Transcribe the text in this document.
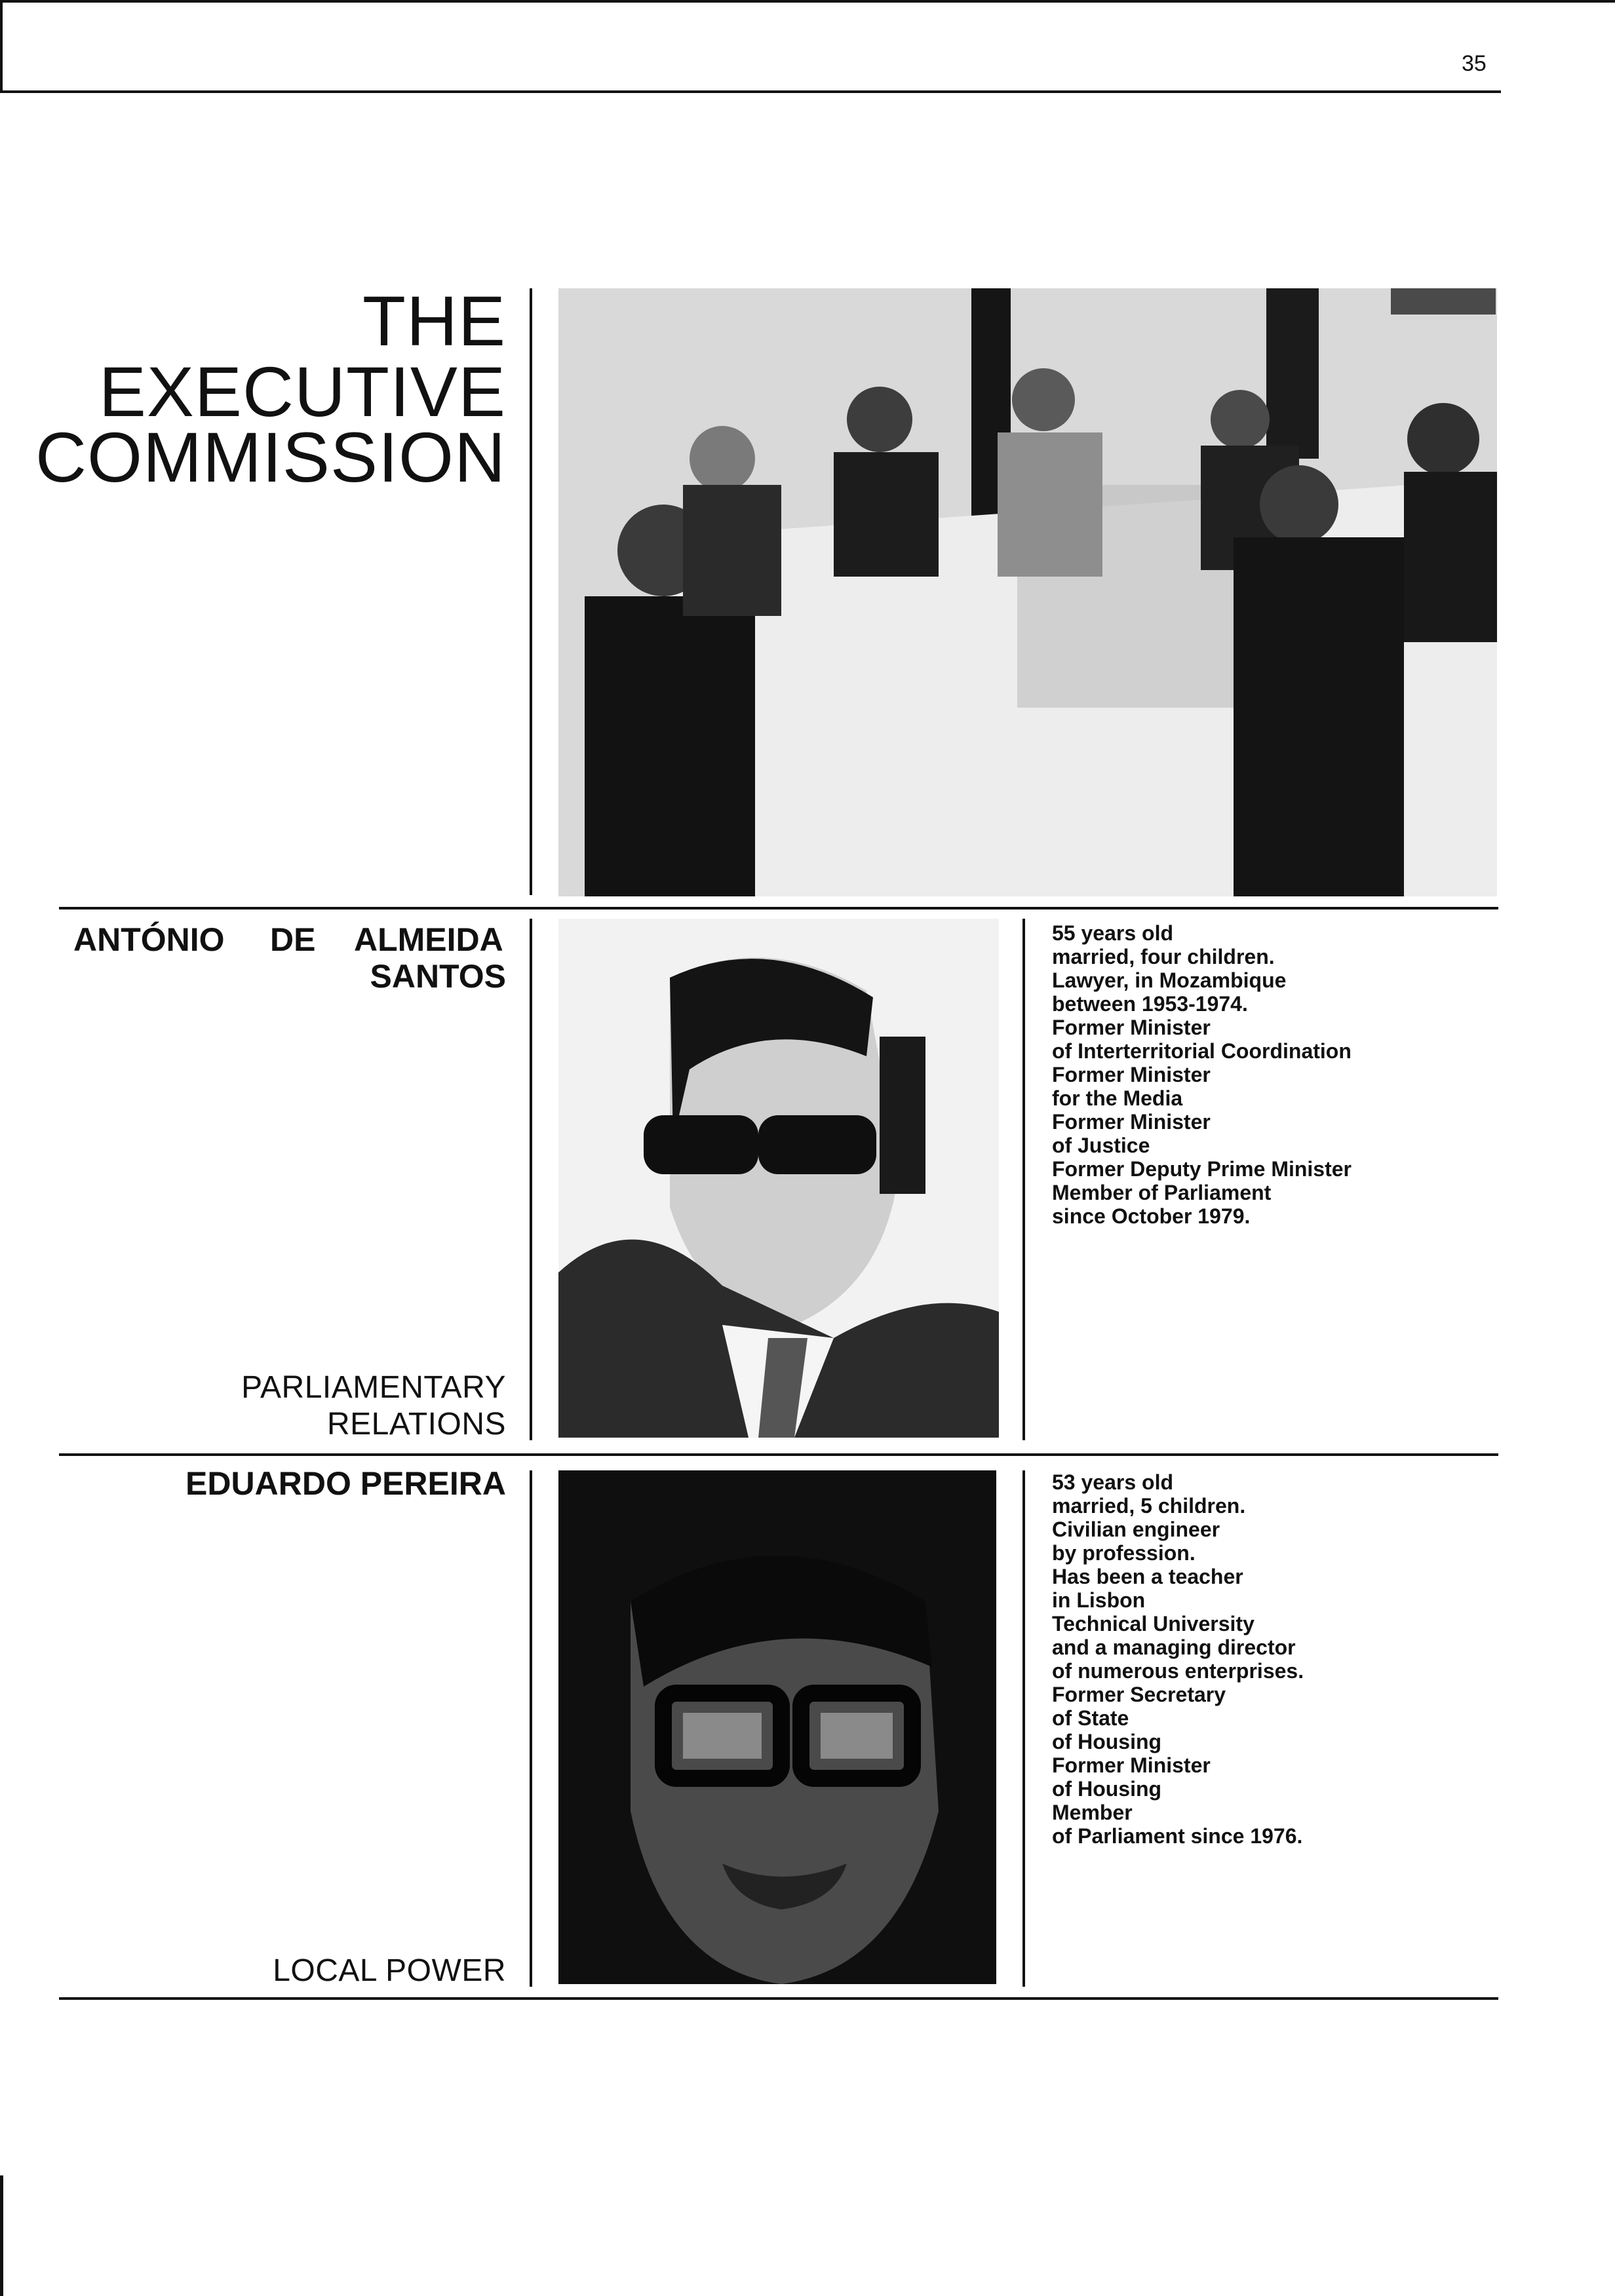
35
THE
EXECUTIVE
COMMISSION
ANTÓNIO DE ALMEIDA
SANTOS
55 years old
married, four children.
Lawyer, in Mozambique
between 1953-1974.
Former Minister
of Interterritorial Coordination
Former Minister
for the Media
Former Minister
of Justice
Former Deputy Prime Minister
Member of Parliament
since October 1979.
PARLIAMENTARY
RELATIONS
EDUARDO PEREIRA	53 years old
married, 5 children.
Civilian engineer
by profession.
Has been a teacher
in Lisbon
Technical University
and a managing director
of numerous enterprises.
Former Secretary
of State
of Housing
Former Minister
of Housing
Member
of Parliament since 1976.
LOCAL POWER
